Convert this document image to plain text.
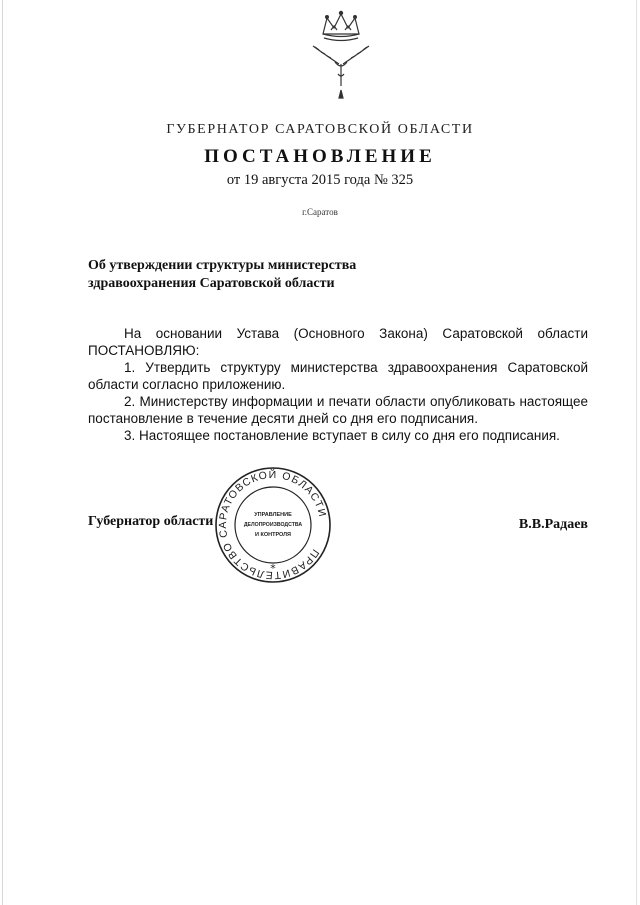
ГУБЕРНАТОР САРАТОВСКОЙ ОБЛАСТИ
ПОСТАНОВЛЕНИЕ
от 19 августа 2015 года № 325
г.Саратов
Об утверждении структуры министерства
здравоохранения Саратовской области

На основании Устава (Основного Закона) Саратовской области ПОСТАНОВЛЯЮ:

1. Утвердить структуру министерства здравоохранения Саратовской области согласно приложению.

2. Министерству информации и печати области опубликовать настоящее постановление в течение десяти дней со дня его подписания.

3. Настоящее постановление вступает в силу со дня его подписания.

Губернатор области	В.В.Радаев
ПРАВИТЕЛЬСТВО САРАТОВСКОЙ ОБЛАСТИ
УПРАВЛЕНИЕ
ДЕЛОПРОИЗВОДСТВА
И КОНТРОЛЯ
*
